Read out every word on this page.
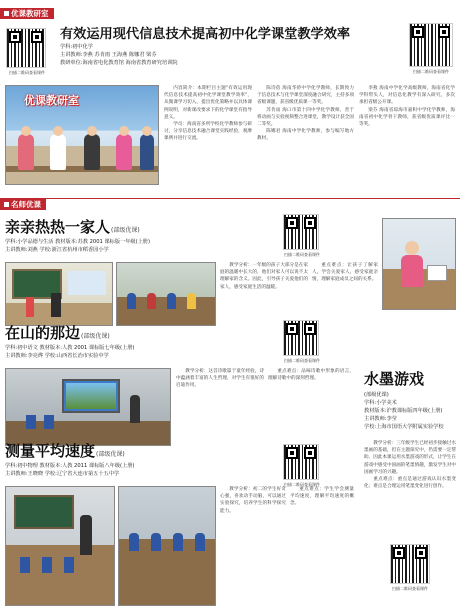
优课教研室
扫描二维码查看课件
有效运用现代信息技术提高初中化学课堂教学效率
学科:初中化学
主讲教师:李燕 苏肯雨 王海燕 陈娜君 梁芬
教研单位:海南省电化教育馆 海南省教育研究培训院
扫描二维码查看课件
优课教研室

内容简介：本期栏目主题"有效运用现代信息技术提高初中化学课堂教学效率"，从微课学习切入，提出优化策略并以具体课例说明，对新课改要求下的化学课堂有指导意义。

学员：海南省多所学校化学教师参与研讨，分享信息技术融合课堂实践经验，观摩课例并进行交流。

陈诗蓓 海南华侨中学化学教师，长期致力于信息技术与化学课堂深度融合研究，主持多项省级课题，获省级优质课一等奖。

苏肯雨 海口市第十四中学化学教师，善于将动画与实验视频整合进课堂，教学设计获全国二等奖。

陈娜君 海南中学化学教师，参与编写地方教材。

李燕 海南中学化学高级教师，海南省化学学科带头人，对信息化教学有深入研究，多次承担省级公开课。

梁芬 海南省琼海市嘉积中学化学教师，海南省初中化学骨干教师，获省级优质课评比一等奖。

名师优课
亲亲热热一家人(部级优课)
学科:小学品德与生活 教材版本:苏教 2001 课标版一年级(上册)
主讲教师:刘燕 学校:浙江省杭州市稻香园小学
扫描二维码查看课件

教学分析：一年级的孩子大部分是在家庭的温暖中长大的，他们对家人可以说不太理解家的含义。因此，引导孩子关爱他们的家人，感受家庭生活的温暖。

重点难点：让孩子了解家人，学会关爱家人，感受家庭亲情，理解家庭成员之间的关系。

在山的那边(部级优课)
学科:初中语文 教材版本:人教 2001 课标版七年级(上册)
主讲教师:李亮烨 学校:山西省长治市实验中学
扫描二维码查看课件

教学分析：这首诗歌篇于童年经验，诗中蕴涵着丰富的人生哲理，对学生有很好的启迪作用。

重点难点：品味诗歌中形象的语言，理解诗歌中的深刻哲理。

测量平均速度(部级优课)
学科:初中物理 教材版本:人教 2011 课标版八年级(上册)
主讲教师:王晓晓 学校:辽宁省大连市第五十五中学
扫描二维码查看课件

教学分析：初二的学生好奇心强，喜欢动手动脑，可以通过实验探究，培养学生的科学探究能力。

重点难点：学生学会测量平均速度，理解平均速度的概念。

水墨游戏
(部级优课)
学科:小学美术
教材版本:沪教课标版四年级(上册)
主讲教师:李莹
学校:上海市国语大学附属实验学校

教学分析：三年级学生已经初步接触过水墨画的基础，但在主题探究中，仍需要一定帮助。因此本课运用水墨游戏的形式，让学生在游戏中感受中国画的笔墨情趣，激发学生对中国画学习的兴趣。

重点难点：重点是通过游戏认识水墨变化；难点是合理运用笔墨变化进行创作。

扫描二维码查看课件
